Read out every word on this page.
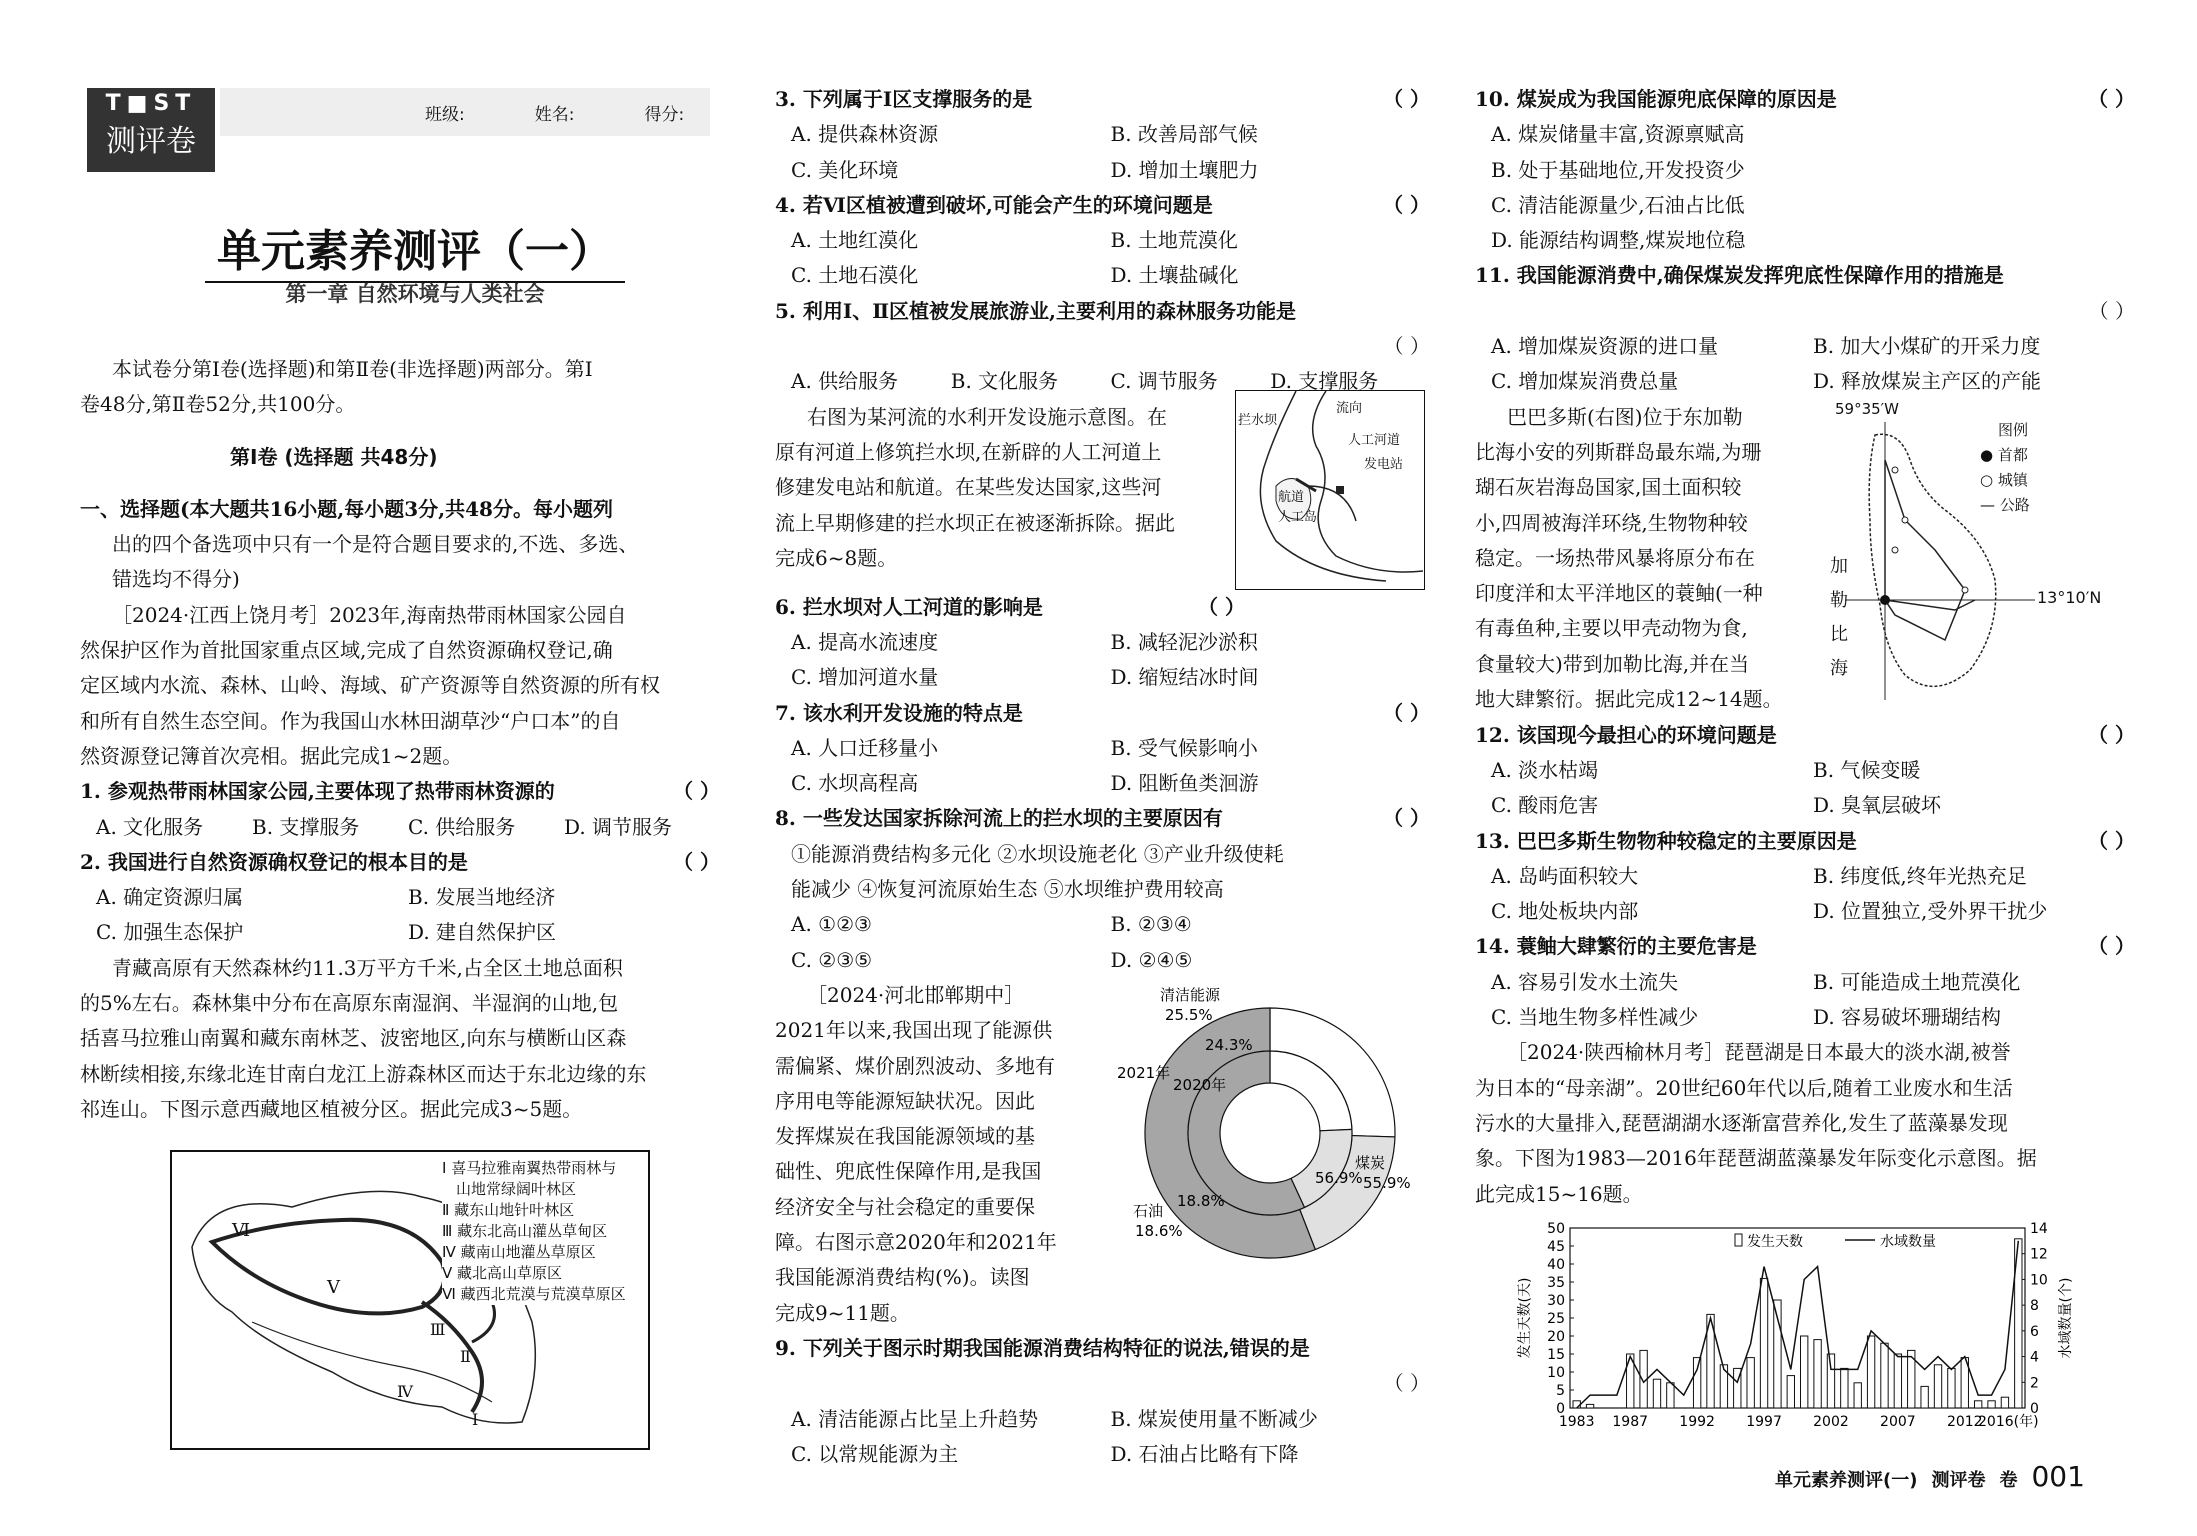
T■ST
测评卷
班级:	姓名:	得分:
单元素养测评（一）
第一章 自然环境与人类社会
本试卷分第Ⅰ卷(选择题)和第Ⅱ卷(非选择题)两部分。第Ⅰ
卷48分,第Ⅱ卷52分,共100分。
第Ⅰ卷 (选择题 共48分)
一、选择题(本大题共16小题,每小题3分,共48分。每小题列
出的四个备选项中只有一个是符合题目要求的,不选、多选、
错选均不得分)
［2024·江西上饶月考］2023年,海南热带雨林国家公园自
然保护区作为首批国家重点区域,完成了自然资源确权登记,确
定区域内水流、森林、山岭、海域、矿产资源等自然资源的所有权
和所有自然生态空间。作为我国山水林田湖草沙“户口本”的自
然资源登记簿首次亮相。据此完成1~2题。
1. 参观热带雨林国家公园,主要体现了热带雨林资源的	（ ）
A. 文化服务	B. 支撑服务	C. 供给服务	D. 调节服务
2. 我国进行自然资源确权登记的根本目的是	（ ）
A. 确定资源归属	B. 发展当地经济
C. 加强生态保护	D. 建自然保护区
青藏高原有天然森林约11.3万平方千米,占全区土地总面积
的5%左右。森林集中分布在高原东南湿润、半湿润的山地,包
括喜马拉雅山南翼和藏东南林芝、波密地区,向东与横断山区森
林断续相接,东缘北连甘南白龙江上游森林区而达于东北边缘的东
祁连山。下图示意西藏地区植被分区。据此完成3~5题。
Ⅵ
Ⅴ
Ⅲ
Ⅱ
Ⅳ
Ⅰ
Ⅰ 喜马拉雅南翼热带雨林与
山地常绿阔叶林区
Ⅱ 藏东山地针叶林区
Ⅲ 藏东北高山灌丛草甸区
Ⅳ 藏南山地灌丛草原区
Ⅴ 藏北高山草原区
Ⅵ 藏西北荒漠与荒漠草原区
3. 下列属于Ⅰ区支撑服务的是	（ ）
A. 提供森林资源	B. 改善局部气候
C. 美化环境	D. 增加土壤肥力
4. 若Ⅵ区植被遭到破坏,可能会产生的环境问题是	（ ）
A. 土地红漠化	B. 土地荒漠化
C. 土地石漠化	D. 土壤盐碱化
5. 利用Ⅰ、Ⅱ区植被发展旅游业,主要利用的森林服务功能是
（ ）
A. 供给服务	B. 文化服务	C. 调节服务	D. 支撑服务
右图为某河流的水利开发设施示意图。在
原有河道上修筑拦水坝,在新辟的人工河道上
修建发电站和航道。在某些发达国家,这些河
流上早期修建的拦水坝正在被逐渐拆除。据此
完成6~8题。
拦水坝
流向
人工河道
发电站
航道
人工岛
6. 拦水坝对人工河道的影响是	（ ）
A. 提高水流速度	B. 减轻泥沙淤积
C. 增加河道水量	D. 缩短结冰时间
7. 该水利开发设施的特点是	（ ）
A. 人口迁移量小	B. 受气候影响小
C. 水坝高程高	D. 阻断鱼类洄游
8. 一些发达国家拆除河流上的拦水坝的主要原因有	（ ）
①能源消费结构多元化 ②水坝设施老化 ③产业升级使耗
能减少 ④恢复河流原始生态 ⑤水坝维护费用较高
A. ①②③	B. ②③④
C. ②③⑤	D. ②④⑤
［2024·河北邯郸期中］
2021年以来,我国出现了能源供
需偏紧、煤价剧烈波动、多地有
序用电等能源短缺状况。因此
发挥煤炭在我国能源领域的基
础性、兜底性保障作用,是我国
经济安全与社会稳定的重要保
障。右图示意2020年和2021年
我国能源消费结构(%)。读图
完成9~11题。
清洁能源
25.5%
24.3%
2021年
2020年
煤炭
55.9%
56.9%
石油
18.6%
18.8%
9. 下列关于图示时期我国能源消费结构特征的说法,错误的是
（ ）
A. 清洁能源占比呈上升趋势	B. 煤炭使用量不断减少
C. 以常规能源为主	D. 石油占比略有下降
10. 煤炭成为我国能源兜底保障的原因是	（ ）
A. 煤炭储量丰富,资源禀赋高
B. 处于基础地位,开发投资少
C. 清洁能源量少,石油占比低
D. 能源结构调整,煤炭地位稳
11. 我国能源消费中,确保煤炭发挥兜底性保障作用的措施是
（ ）
A. 增加煤炭资源的进口量	B. 加大小煤矿的开采力度
C. 增加煤炭消费总量	D. 释放煤炭主产区的产能
巴巴多斯(右图)位于东加勒
比海小安的列斯群岛最东端,为珊
瑚石灰岩海岛国家,国土面积较
小,四周被海洋环绕,生物物种较
稳定。一场热带风暴将原分布在
印度洋和太平洋地区的蓑鲉(一种
有毒鱼种,主要以甲壳动物为食,
食量较大)带到加勒比海,并在当
地大肆繁衍。据此完成12~14题。
59°35′W
13°10′N
图例
● 首都
○ 城镇
— 公路
加
勒
比
海
12. 该国现今最担心的环境问题是	（ ）
A. 淡水枯竭	B. 气候变暖
C. 酸雨危害	D. 臭氧层破坏
13. 巴巴多斯生物物种较稳定的主要原因是	（ ）
A. 岛屿面积较大	B. 纬度低,终年光热充足
C. 地处板块内部	D. 位置独立,受外界干扰少
14. 蓑鲉大肆繁衍的主要危害是	（ ）
A. 容易引发水土流失	B. 可能造成土地荒漠化
C. 当地生物多样性减少	D. 容易破坏珊瑚结构
［2024·陕西榆林月考］琵琶湖是日本最大的淡水湖,被誉
为日本的“母亲湖”。20世纪60年代以后,随着工业废水和生活
污水的大量排入,琵琶湖湖水逐渐富营养化,发生了蓝藻暴发现
象。下图为1983—2016年琵琶湖蓝藻暴发年际变化示意图。据
此完成15~16题。
0
5
10
15
20
25
30
35
40
45
50
0
2
4
6
8
10
12
14
1983 1987 1992 1997 2002 2007 2012
2016(年)
发生天数(天)	水域数量(个)
发生天数	水域数量
单元素养测评(一) 测评卷 卷 001
